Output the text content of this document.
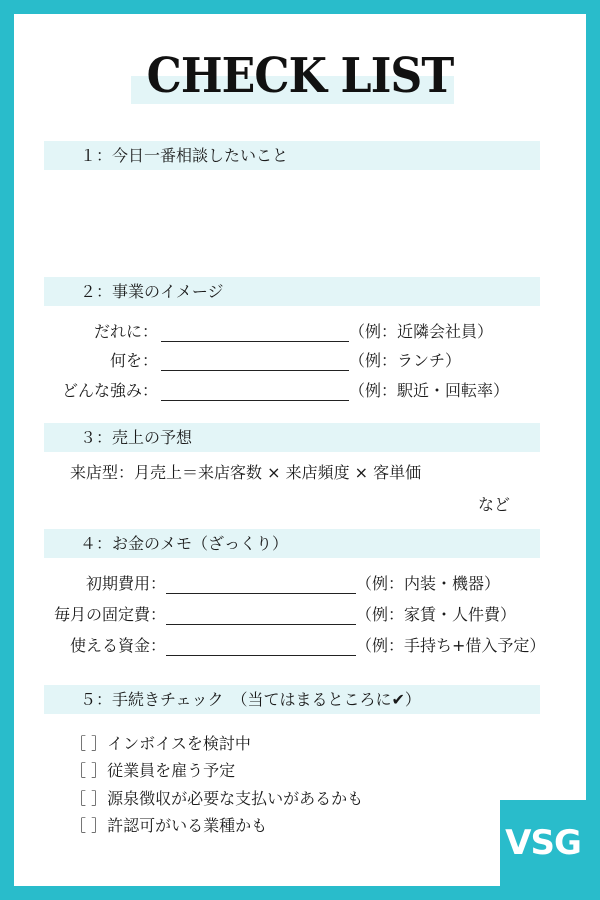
CHECK LIST
１：今日一番相談したいこと
２：事業のイメージ
だれに：	（例：近隣会社員）
何を：	（例：ランチ）
どんな強み：	（例：駅近・回転率）
３：売上の予想
来店型：月売上＝来店客数 × 来店頻度 × 客単価
など
４：お金のメモ（ざっくり）
初期費用：	（例：内装・機器）
毎月の固定費：	（例：家賃・人件費）
使える資金：	（例：手持ち+借入予定）
５：手続きチェック　（当てはまるところに✔）
［ ］インボイスを検討中
［ ］従業員を雇う予定
［ ］源泉徴収が必要な支払いがあるかも
［ ］許認可がいる業種かも	VSG
